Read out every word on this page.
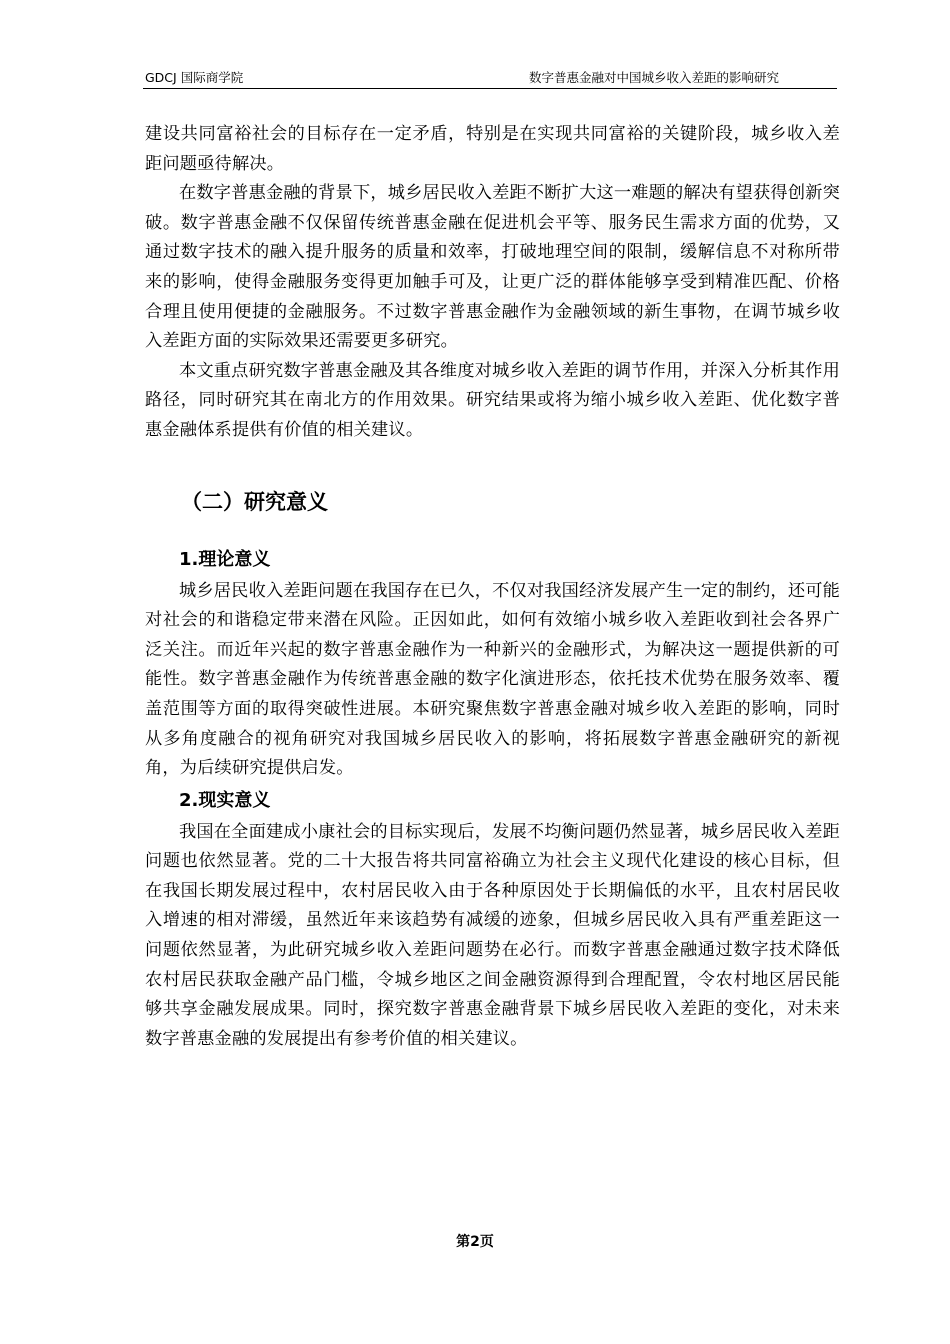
GDCJ 国际商学院	数字普惠金融对中国城乡收入差距的影响研究

建设共同富裕社会的目标存在一定矛盾，特别是在实现共同富裕的关键阶段，城乡收入差距问题亟待解决。

在数字普惠金融的背景下，城乡居民收入差距不断扩大这一难题的解决有望获得创新突破。数字普惠金融不仅保留传统普惠金融在促进机会平等、服务民生需求方面的优势，又通过数字技术的融入提升服务的质量和效率，打破地理空间的限制，缓解信息不对称所带来的影响，使得金融服务变得更加触手可及，让更广泛的群体能够享受到精准匹配、价格合理且使用便捷的金融服务。不过数字普惠金融作为金融领域的新生事物，在调节城乡收入差距方面的实际效果还需要更多研究。

本文重点研究数字普惠金融及其各维度对城乡收入差距的调节作用，并深入分析其作用路径，同时研究其在南北方的作用效果。研究结果或将为缩小城乡收入差距、优化数字普惠金融体系提供有价值的相关建议。

（二）研究意义
1.理论意义

城乡居民收入差距问题在我国存在已久，不仅对我国经济发展产生一定的制约，还可能对社会的和谐稳定带来潜在风险。正因如此，如何有效缩小城乡收入差距收到社会各界广泛关注。而近年兴起的数字普惠金融作为一种新兴的金融形式，为解决这一题提供新的可能性。数字普惠金融作为传统普惠金融的数字化演进形态，依托技术优势在服务效率、覆盖范围等方面的取得突破性进展。本研究聚焦数字普惠金融对城乡收入差距的影响，同时从多角度融合的视角研究对我国城乡居民收入的影响，将拓展数字普惠金融研究的新视角，为后续研究提供启发。

2.现实意义

我国在全面建成小康社会的目标实现后，发展不均衡问题仍然显著，城乡居民收入差距问题也依然显著。党的二十大报告将共同富裕确立为社会主义现代化建设的核心目标，但在我国长期发展过程中，农村居民收入由于各种原因处于长期偏低的水平，且农村居民收入增速的相对滞缓，虽然近年来该趋势有减缓的迹象，但城乡居民收入具有严重差距这一问题依然显著，为此研究城乡收入差距问题势在必行。而数字普惠金融通过数字技术降低农村居民获取金融产品门槛，令城乡地区之间金融资源得到合理配置，令农村地区居民能够共享金融发展成果。同时，探究数字普惠金融背景下城乡居民收入差距的变化，对未来数字普惠金融的发展提出有参考价值的相关建议。

第2页
